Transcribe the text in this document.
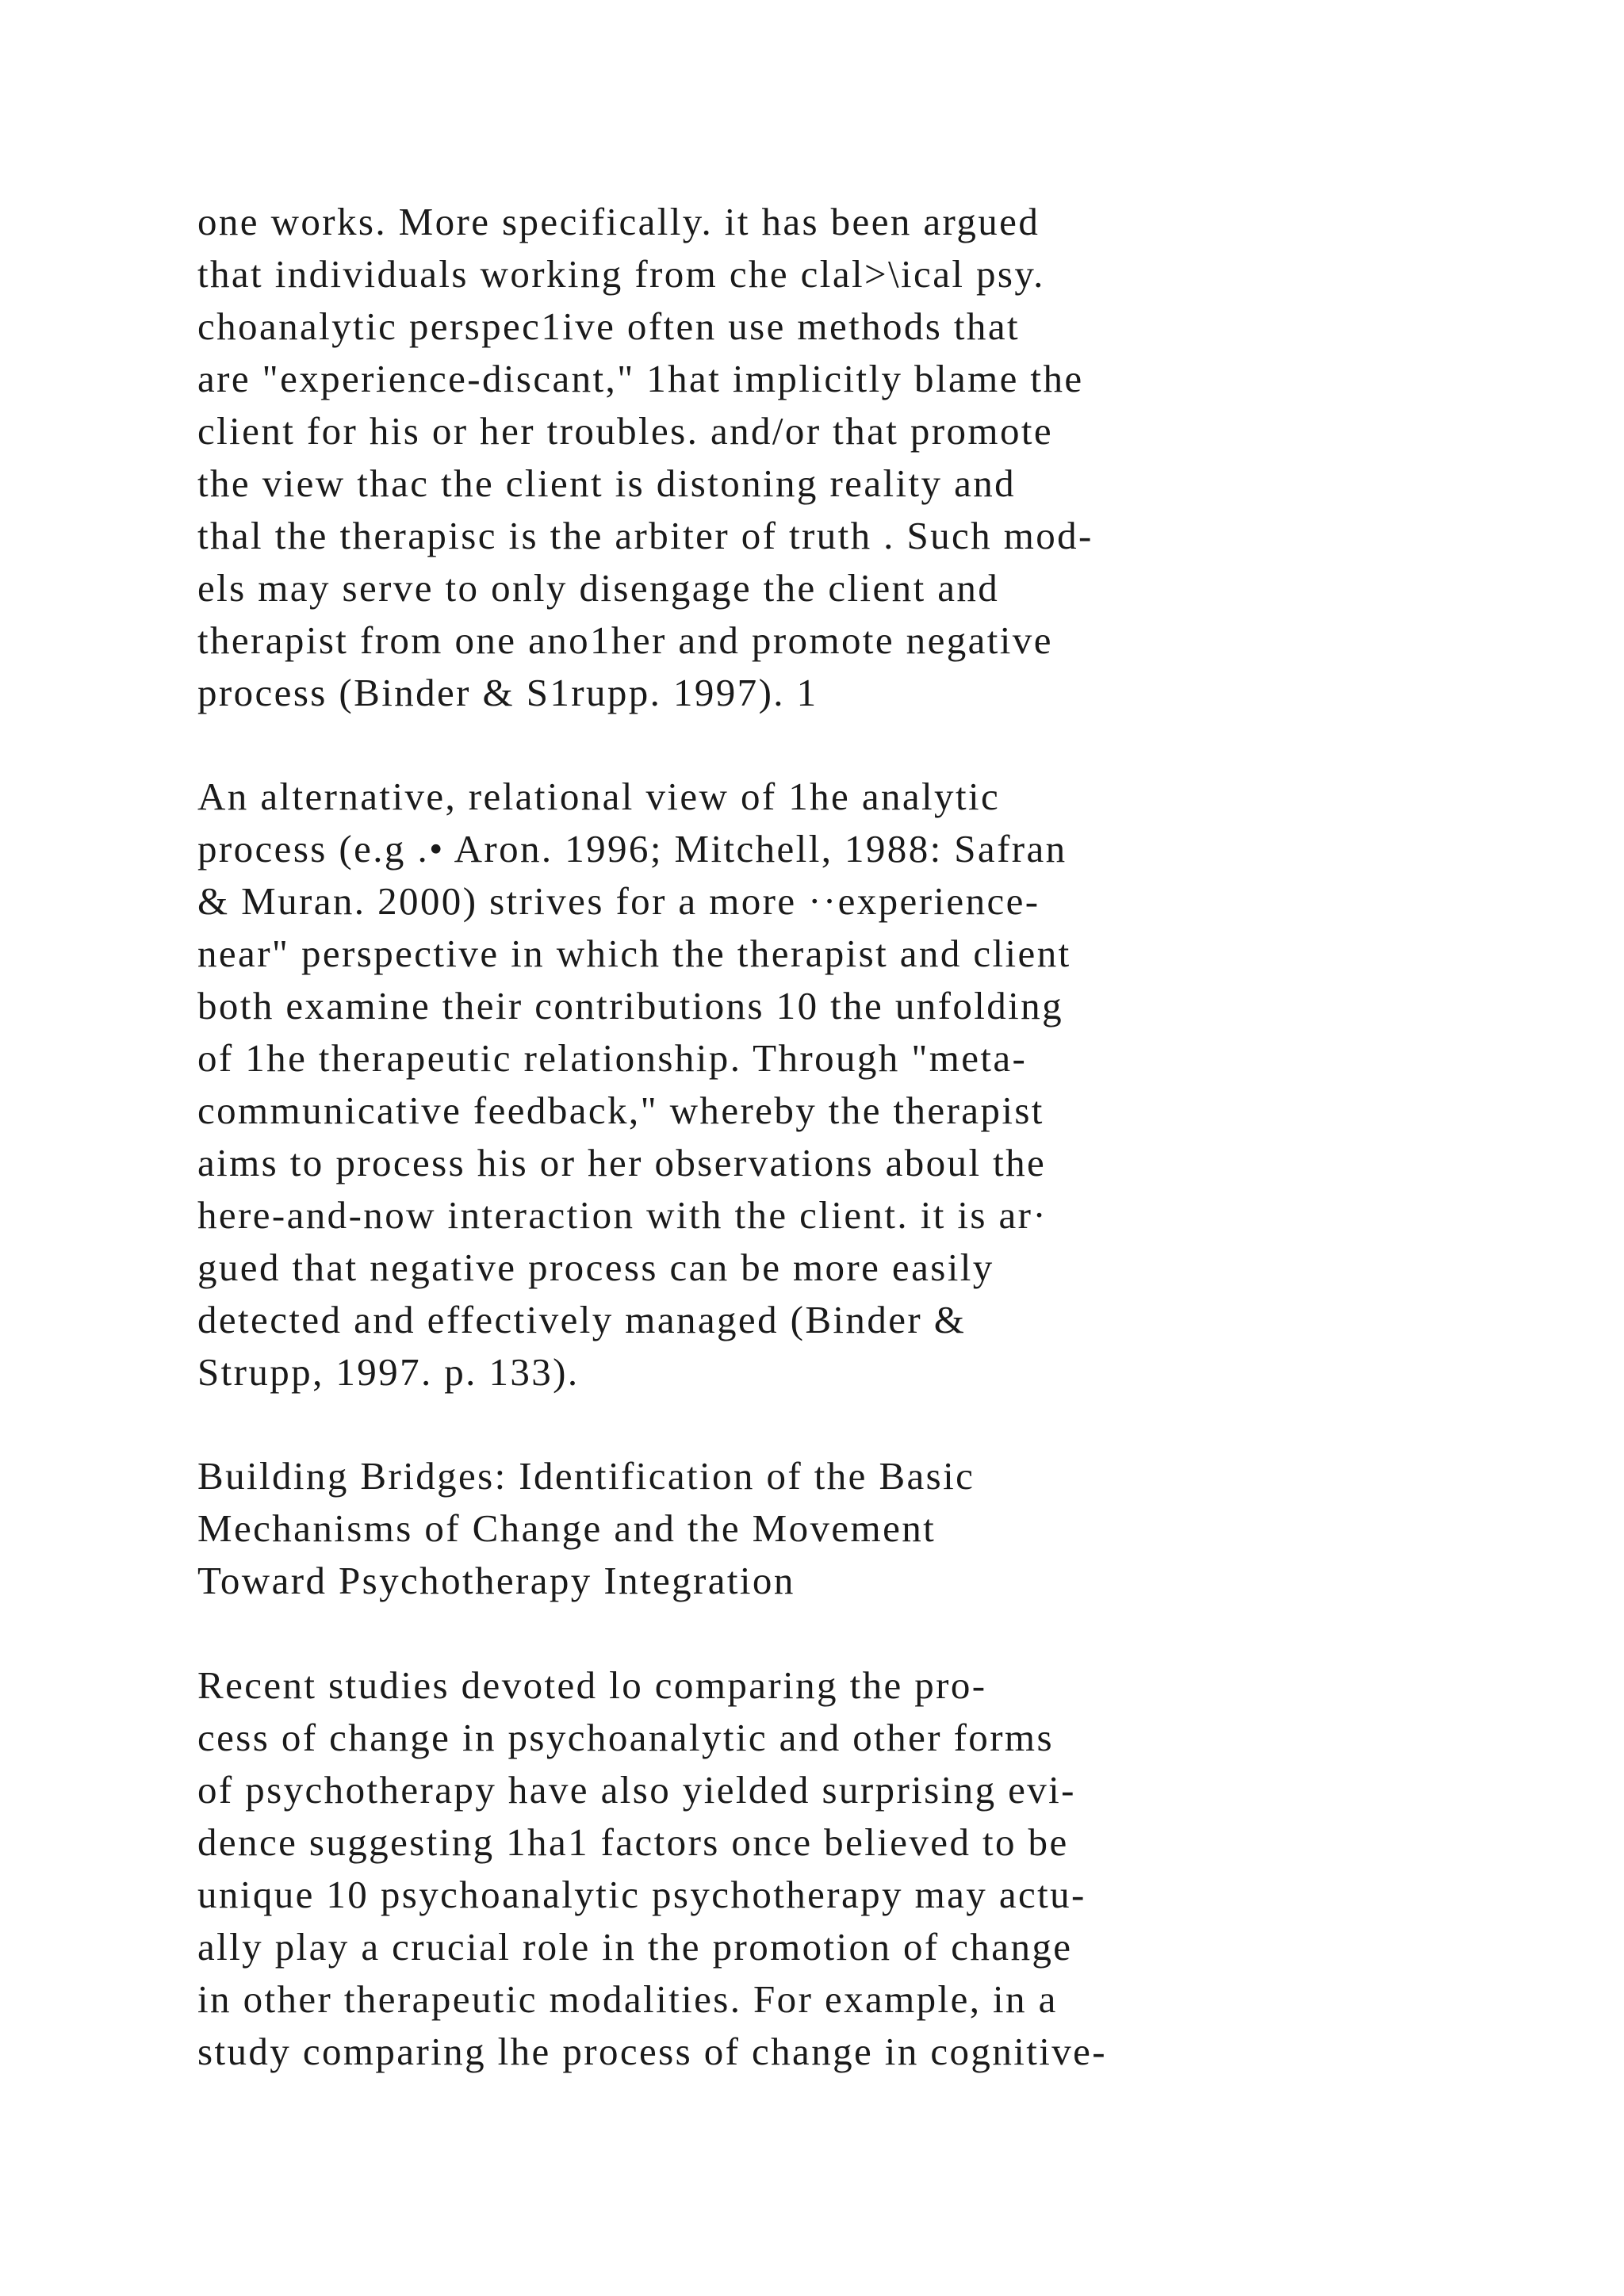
one works. More specifically. it has been argued
that individuals working from che clal>\ical psy.
choanalytic perspec1ive often use methods that
are "experience-discant," 1hat implicitly blame the
client for his or her troubles. and/or that promote
the view thac the client is distoning reality and
thal the therapisc is the arbiter of truth . Such mod-
els may serve to only disengage the client and
therapist from one ano1her and promote negative
process (Binder & S1rupp. 1997). 1
An alternative, relational view of 1he analytic
process (e.g .• Aron. 1996; Mitchell, 1988: Safran
& Muran. 2000) strives for a more ··experience-
near" perspective in which the therapist and client
both examine their contributions 10 the unfolding
of 1he therapeutic relationship. Through "meta-
communicative feedback," whereby the therapist
aims to process his or her observations aboul the
here-and-now interaction with the client. it is ar·
gued that negative process can be more easily
detected and effectively managed (Binder &
Strupp, 1997. p. 133).
Building Bridges: Identification of the Basic
Mechanisms of Change and the Movement
Toward Psychotherapy Integration
Recent studies devoted lo comparing the pro-
cess of change in psychoanalytic and other forms
of psychotherapy have also yielded surprising evi-
dence suggesting 1ha1 factors once believed to be
unique 10 psychoanalytic psychotherapy may actu-
ally play a crucial role in the promotion of change
in other therapeutic modalities. For example, in a
study comparing lhe process of change in cognitive-
